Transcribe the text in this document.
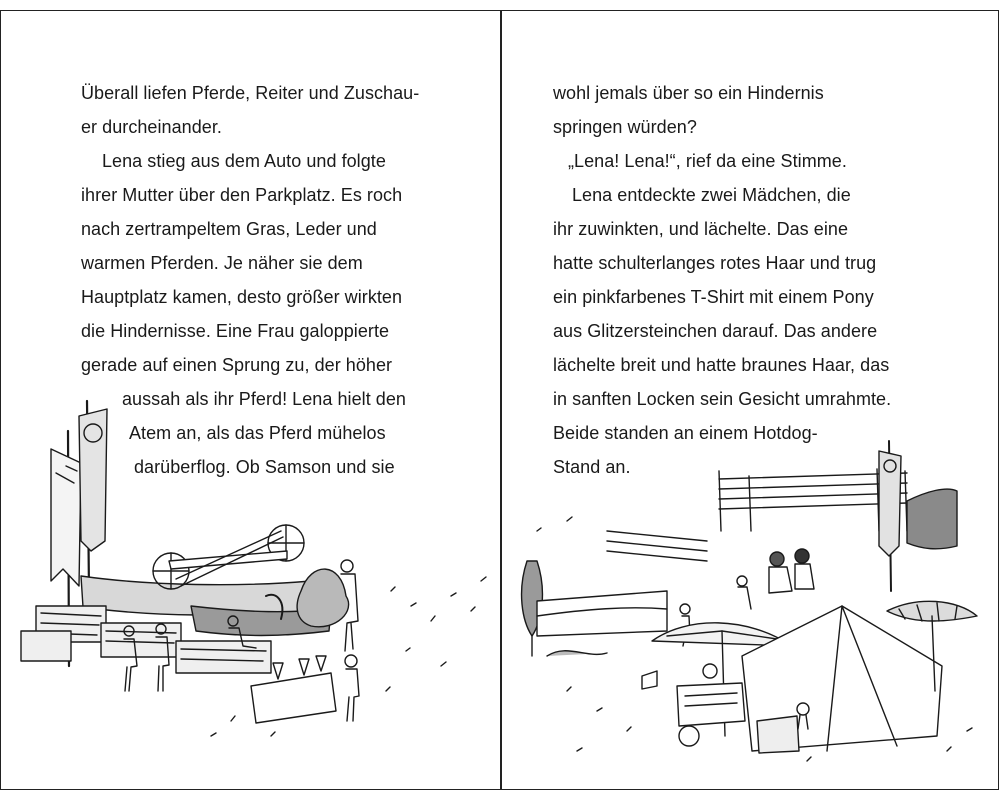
Überall liefen Pferde, Reiter und Zuschau-

er durcheinander.

Lena stieg aus dem Auto und folgte

ihrer Mutter über den Parkplatz. Es roch

nach zertrampeltem Gras, Leder und

warmen Pferden. Je näher sie dem

Hauptplatz kamen, desto größer wirkten

die Hindernisse. Eine Frau galoppierte

gerade auf einen Sprung zu, der höher

aussah als ihr Pferd! Lena hielt den

Atem an, als das Pferd mühelos

darüberflog. Ob Samson und sie

wohl jemals über so ein Hindernis

springen würden?

„Lena! Lena!“, rief da eine Stimme.

Lena entdeckte zwei Mädchen, die

ihr zuwinkten, und lächelte. Das eine

hatte schulterlanges rotes Haar und trug

ein pinkfarbenes T-Shirt mit einem Pony

aus Glitzersteinchen darauf. Das andere

lächelte breit und hatte braunes Haar, das

in sanften Locken sein Gesicht umrahmte.

Beide standen an einem Hotdog-

Stand an.
